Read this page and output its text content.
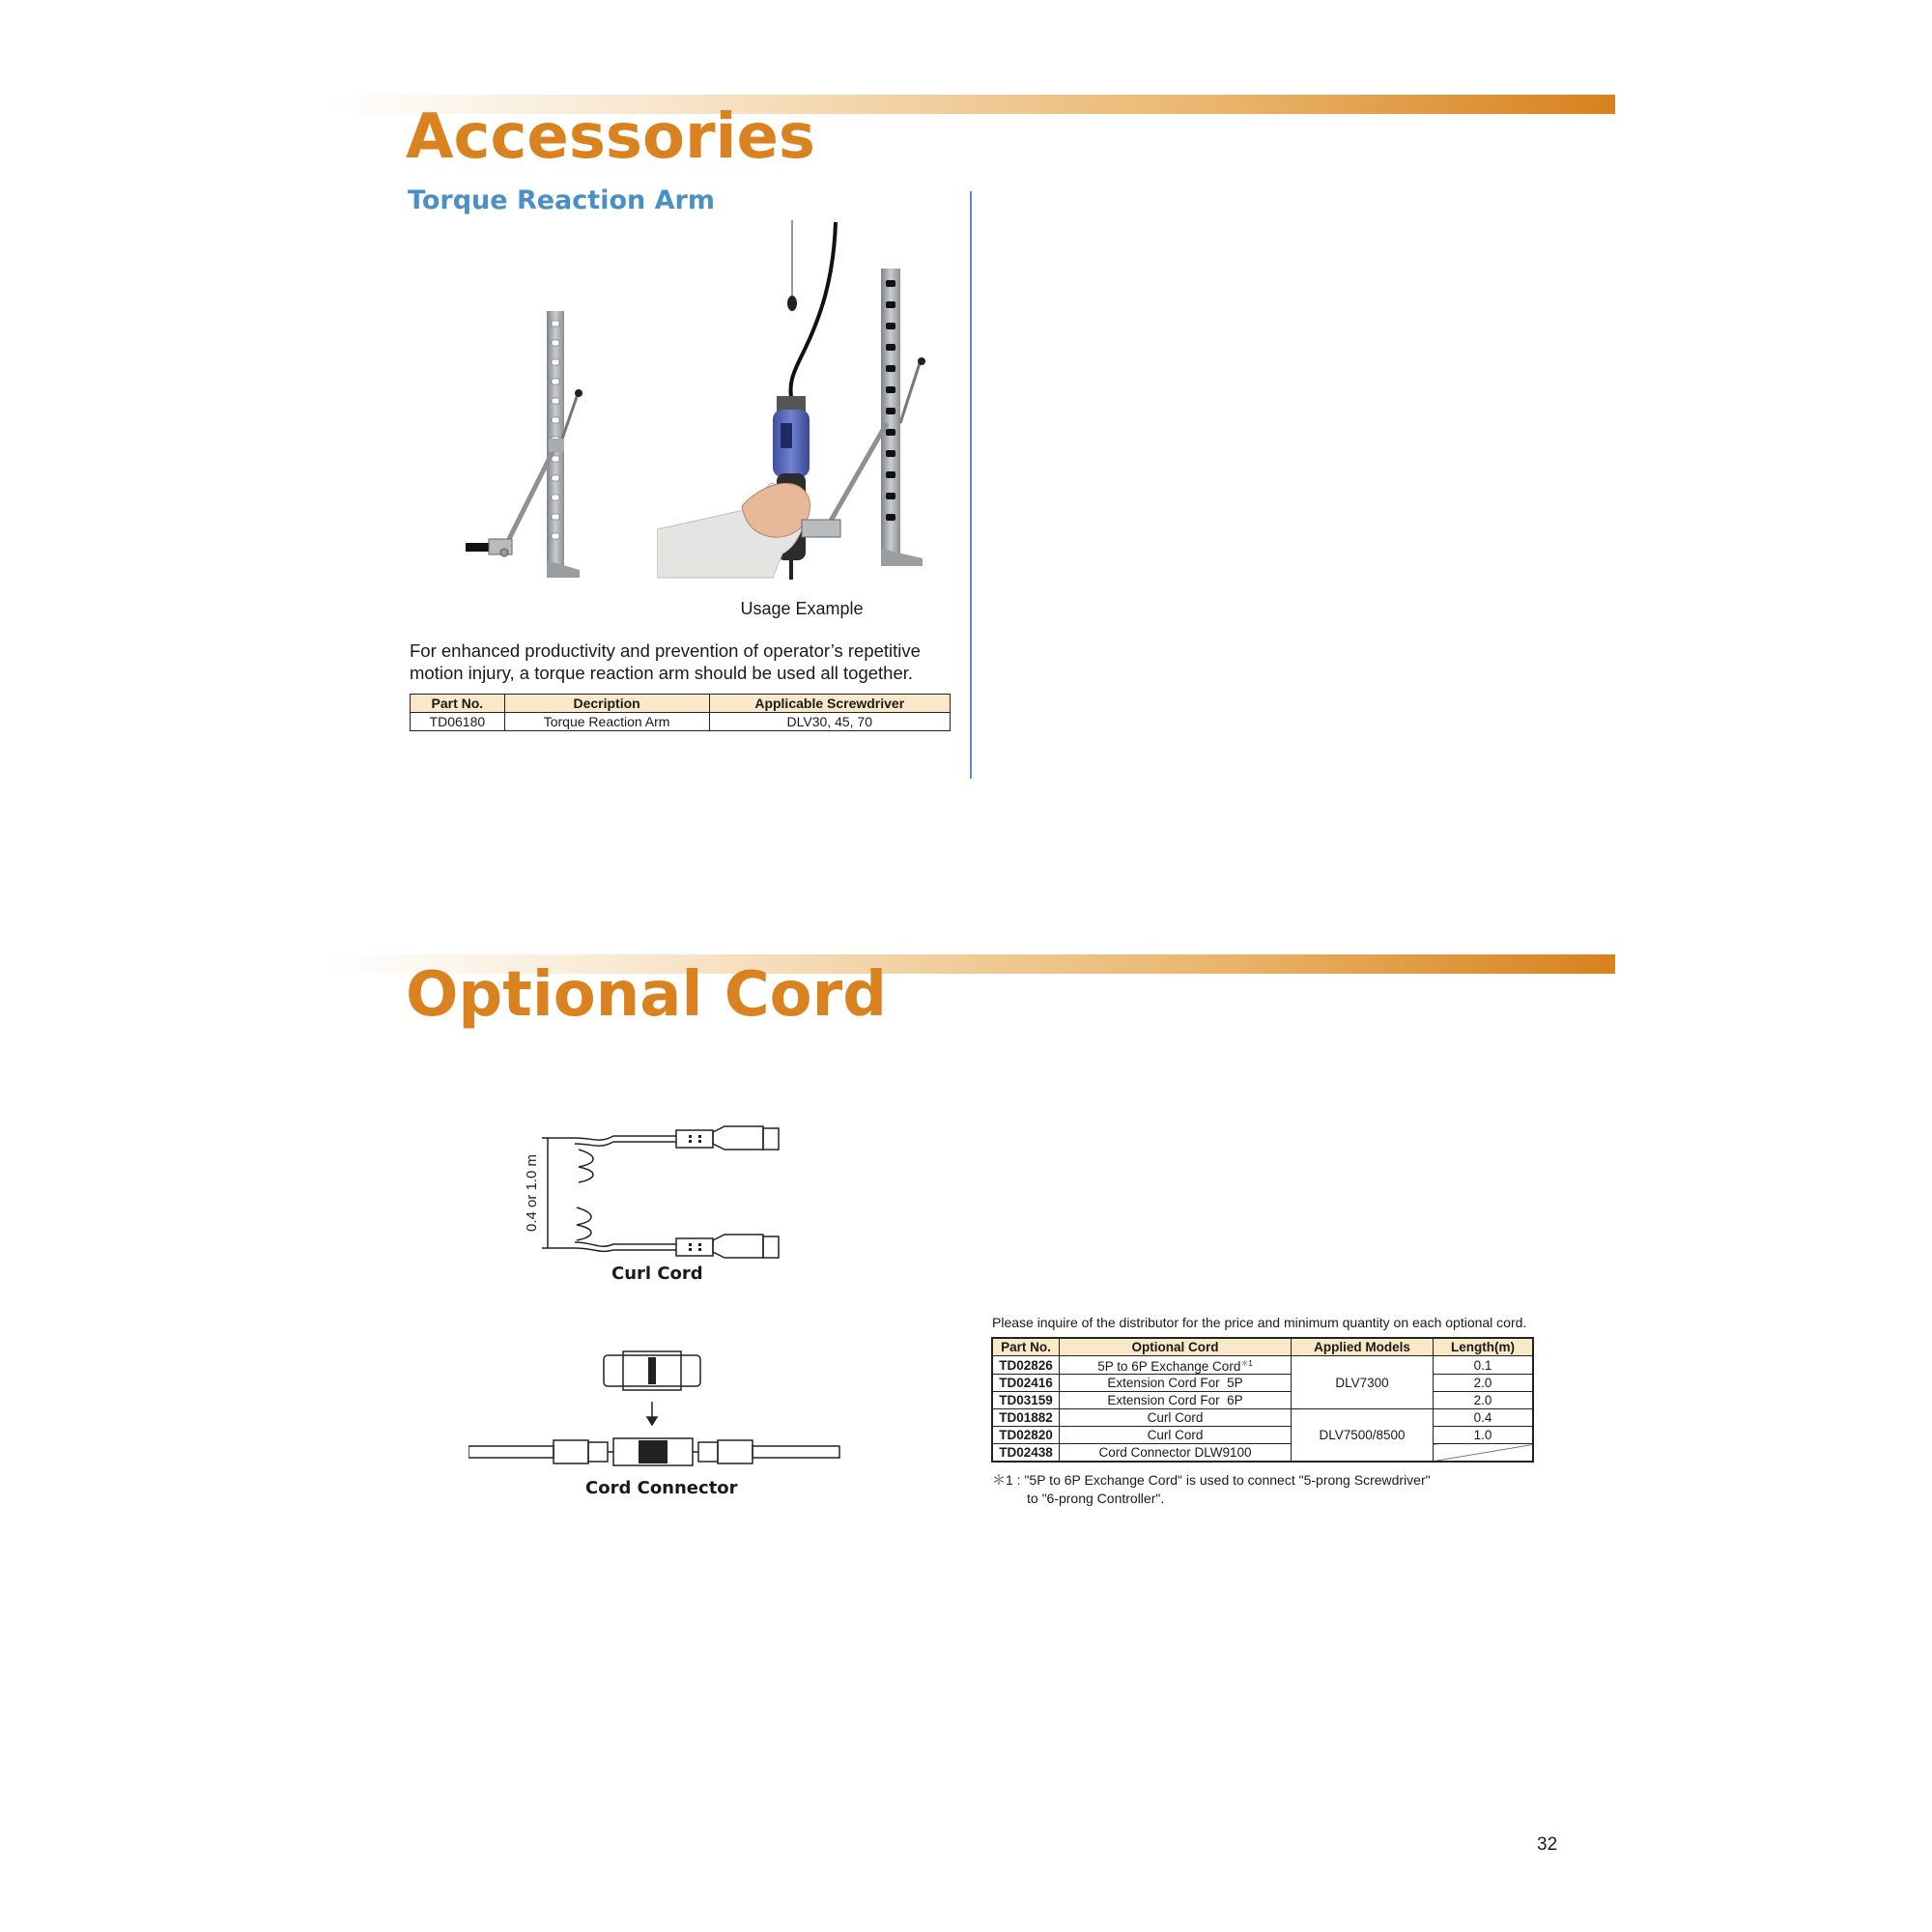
Accessories
Torque Reaction Arm
Usage Example

For enhanced productivity and prevention of operator’s repetitive
motion injury, a torque reaction arm should be used all together.

Part No.	Decription	Applicable Screwdriver
TD06180	Torque Reaction Arm	DLV30, 45, 70
Optional Cord
0.4 or 1.0 m
Curl Cord
Cord Connector
Please inquire of the distributor for the price and minimum quantity on each optional cord.
Part No.	Optional Cord	Applied Models	Length(m)
TD02826	5P to 6P Exchange Cord$^{*1}$	DLV7300	0.1
TD02416	Extension Cord For  5P		2.0
TD03159	Extension Cord For  6P		2.0
TD01882	Curl Cord	DLV7500/8500	0.4
TD02820	Curl Cord		1.0
TD02438	Cord Connector DLW9100		
＊1 : "5P to 6P Exchange Cord" is used to connect "5-prong Screwdriver"
to "6-prong Controller".
32
